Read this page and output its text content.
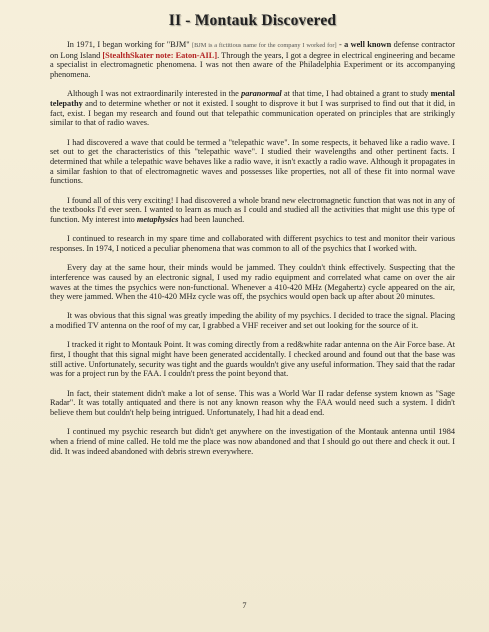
II - Montauk Discovered

In 1971, I began working for "BJM" [BJM is a fictitious name for the company I worked for] - a well known defense contractor on Long Island [StealthSkater note: Eaton-AIL]. Through the years, I got a degree in electrical engineering and became a specialist in electromagnetic phenomena. I was not then aware of the Philadelphia Experiment or its accompanying phenomena.

Although I was not extraordinarily interested in the paranormal at that time, I had obtained a grant to study mental telepathy and to determine whether or not it existed. I sought to disprove it but I was surprised to find out that it did, in fact, exist. I began my research and found out that telepathic communication operated on principles that are strikingly similar to that of radio waves.

I had discovered a wave that could be termed a "telepathic wave". In some respects, it behaved like a radio wave. I set out to get the characteristics of this "telepathic wave". I studied their wavelengths and other pertinent facts. I determined that while a telepathic wave behaves like a radio wave, it isn't exactly a radio wave. Although it propagates in a similar fashion to that of electromagnetic waves and possesses like properties, not all of these fit into normal wave functions.

I found all of this very exciting! I had discovered a whole brand new electromagnetic function that was not in any of the textbooks I'd ever seen. I wanted to learn as much as I could and studied all the activities that might use this type of function. My interest into metaphysics had been launched.

I continued to research in my spare time and collaborated with different psychics to test and monitor their various responses. In 1974, I noticed a peculiar phenomena that was common to all of the psychics that I worked with.

Every day at the same hour, their minds would be jammed. They couldn't think effectively. Suspecting that the interference was caused by an electronic signal, I used my radio equipment and correlated what came on over the air waves at the times the psychics were non-functional. Whenever a 410-420 MHz (Megahertz) cycle appeared on the air, they were jammed. When the 410-420 MHz cycle was off, the psychics would open back up after about 20 minutes.

It was obvious that this signal was greatly impeding the ability of my psychics. I decided to trace the signal. Placing a modified TV antenna on the roof of my car, I grabbed a VHF receiver and set out looking for the source of it.

I tracked it right to Montauk Point. It was coming directly from a red&white radar antenna on the Air Force base. At first, I thought that this signal might have been generated accidentally. I checked around and found out that the base was still active. Unfortunately, security was tight and the guards wouldn't give any useful information. They said that the radar was for a project run by the FAA. I couldn't press the point beyond that.

In fact, their statement didn't make a lot of sense. This was a World War II radar defense system known as "Sage Radar". It was totally antiquated and there is not any known reason why the FAA would need such a system. I didn't believe them but couldn't help being intrigued. Unfortunately, I had hit a dead end.

I continued my psychic research but didn't get anywhere on the investigation of the Montauk antenna until 1984 when a friend of mine called. He told me the place was now abandoned and that I should go out there and check it out. I did. It was indeed abandoned with debris strewn everywhere.

7
